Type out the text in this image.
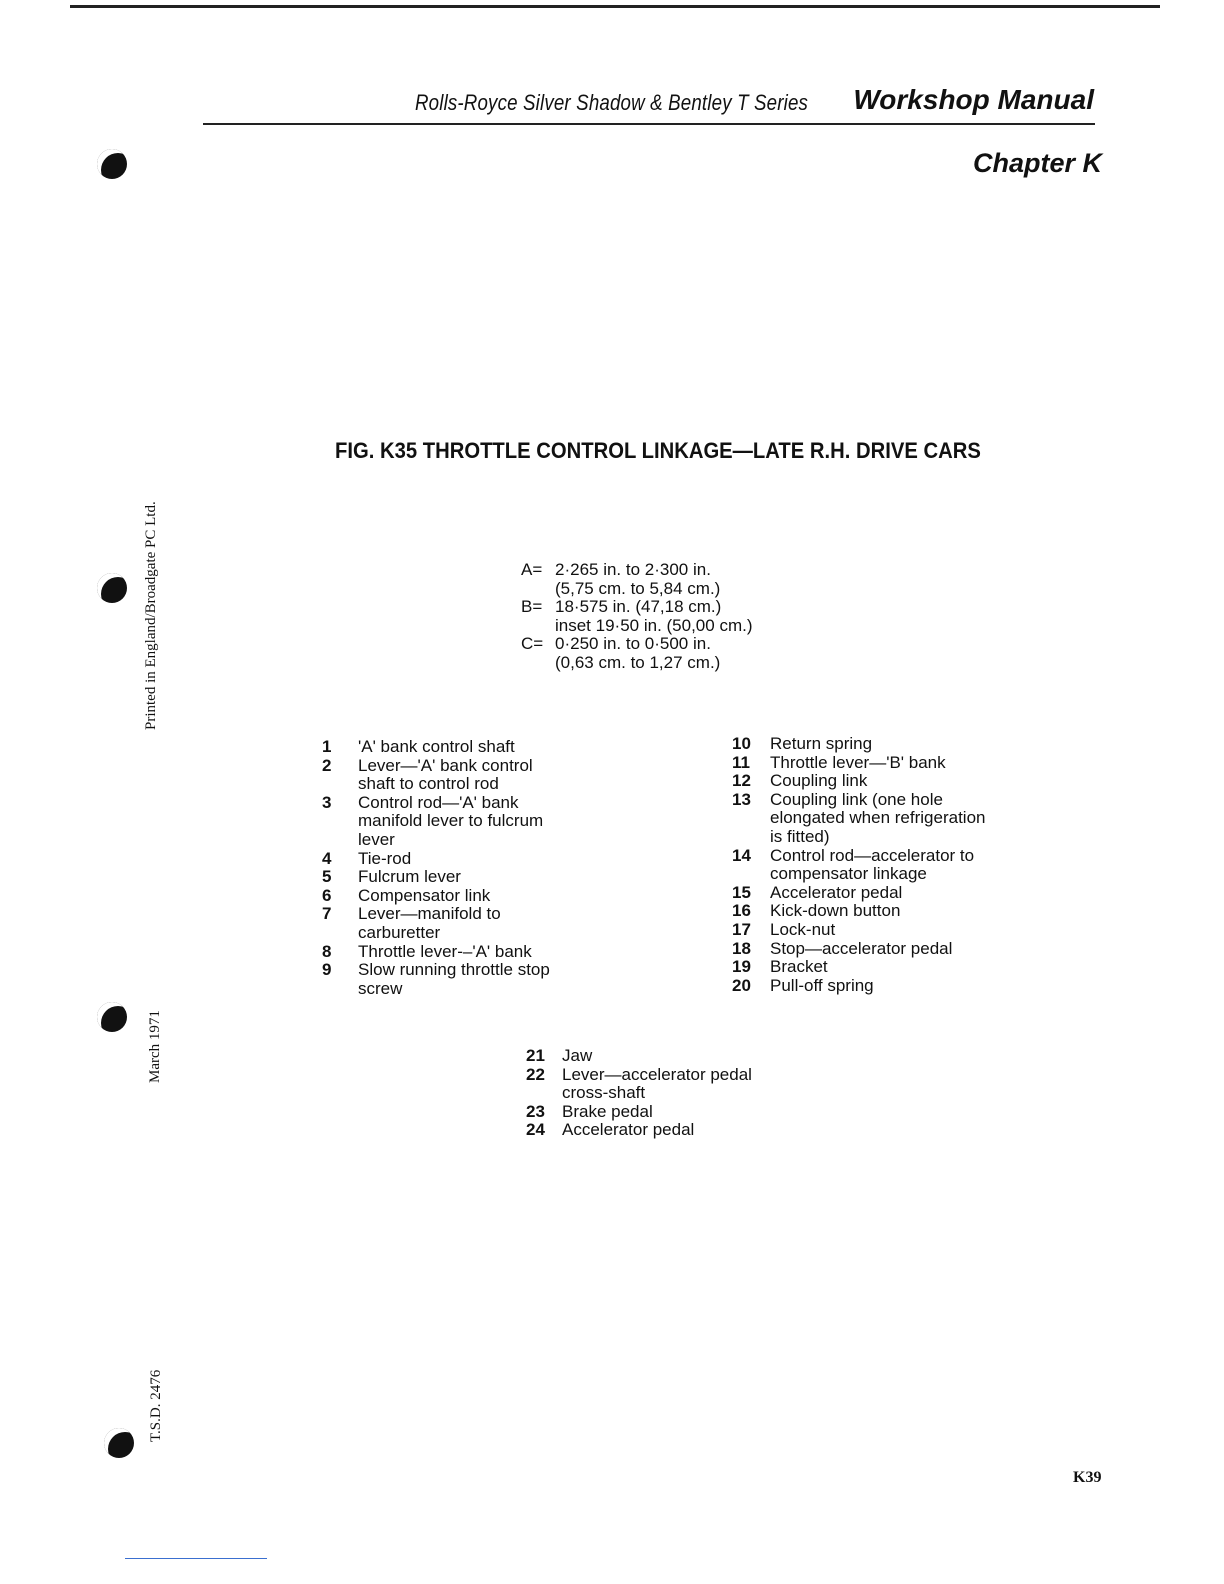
Rolls-Royce Silver Shadow & Bentley T Series Workshop Manual
Chapter K
Printed in England/Broadgate PC Ltd.
March 1971
T.S.D. 2476
FIG. K35 THROTTLE CONTROL LINKAGE—LATE R.H. DRIVE CARS
A= 2·265 in. to 2·300 in.
(5,75 cm. to 5,84 cm.)
B= 18·575 in. (47,18 cm.)
inset 19·50 in. (50,00 cm.)
C= 0·250 in. to 0·500 in.
(0,63 cm. to 1,27 cm.)
1	'A' bank control shaft
2	Lever—'A' bank control
shaft to control rod
3	Control rod—'A' bank
manifold lever to fulcrum
lever
4	Tie-rod
5	Fulcrum lever
6	Compensator link
7	Lever—manifold to
carburetter
8	Throttle lever-–'A' bank
9	Slow running throttle stop
screw
10	Return spring
11	Throttle lever—'B' bank
12	Coupling link
13	Coupling link (one hole
elongated when refrigeration
is fitted)
14	Control rod—accelerator to
compensator linkage
15	Accelerator pedal
16	Kick-down button
17	Lock-nut
18	Stop—accelerator pedal
19	Bracket
20	Pull-off spring
21	Jaw
22	Lever—accelerator pedal
cross-shaft
23	Brake pedal
24	Accelerator pedal
K39
